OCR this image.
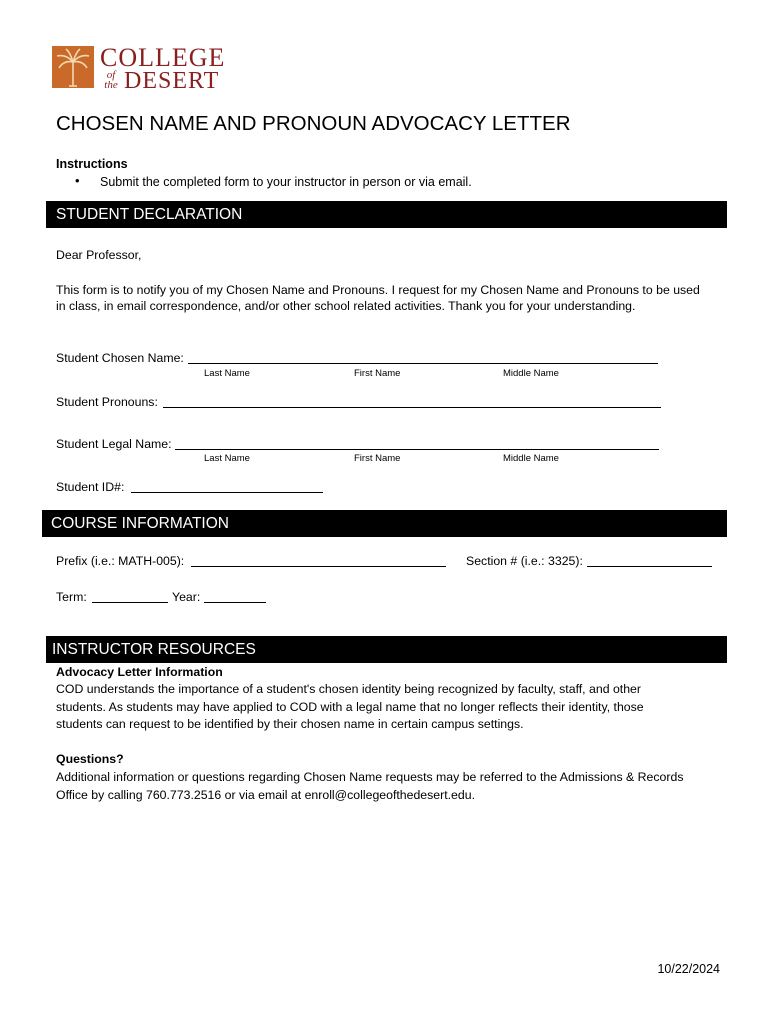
COLLEGE
of
the DESERT
CHOSEN NAME AND PRONOUN ADVOCACY LETTER
Instructions
• Submit the completed form to your instructor in person or via email.
STUDENT DECLARATION
Dear Professor,
This form is to notify you of my Chosen Name and Pronouns. I request for my Chosen Name and Pronouns to be used
in class, in email correspondence, and/or other school related activities. Thank you for your understanding.
Student Chosen Name:
Last Name	First Name	Middle Name
Student Pronouns:
Student Legal Name:
Last Name	First Name	Middle Name
Student ID#:
COURSE INFORMATION
Prefix (i.e.: MATH-005):	Section # (i.e.: 3325):
Term:	Year:
INSTRUCTOR RESOURCES
Advocacy Letter Information
COD understands the importance of a student's chosen identity being recognized by faculty, staff, and other
students. As students may have applied to COD with a legal name that no longer reflects their identity, those
students can request to be identified by their chosen name in certain campus settings.
Questions?
Additional information or questions regarding Chosen Name requests may be referred to the Admissions & Records
Office by calling 760.773.2516 or via email at enroll@collegeofthedesert.edu.
10/22/2024
